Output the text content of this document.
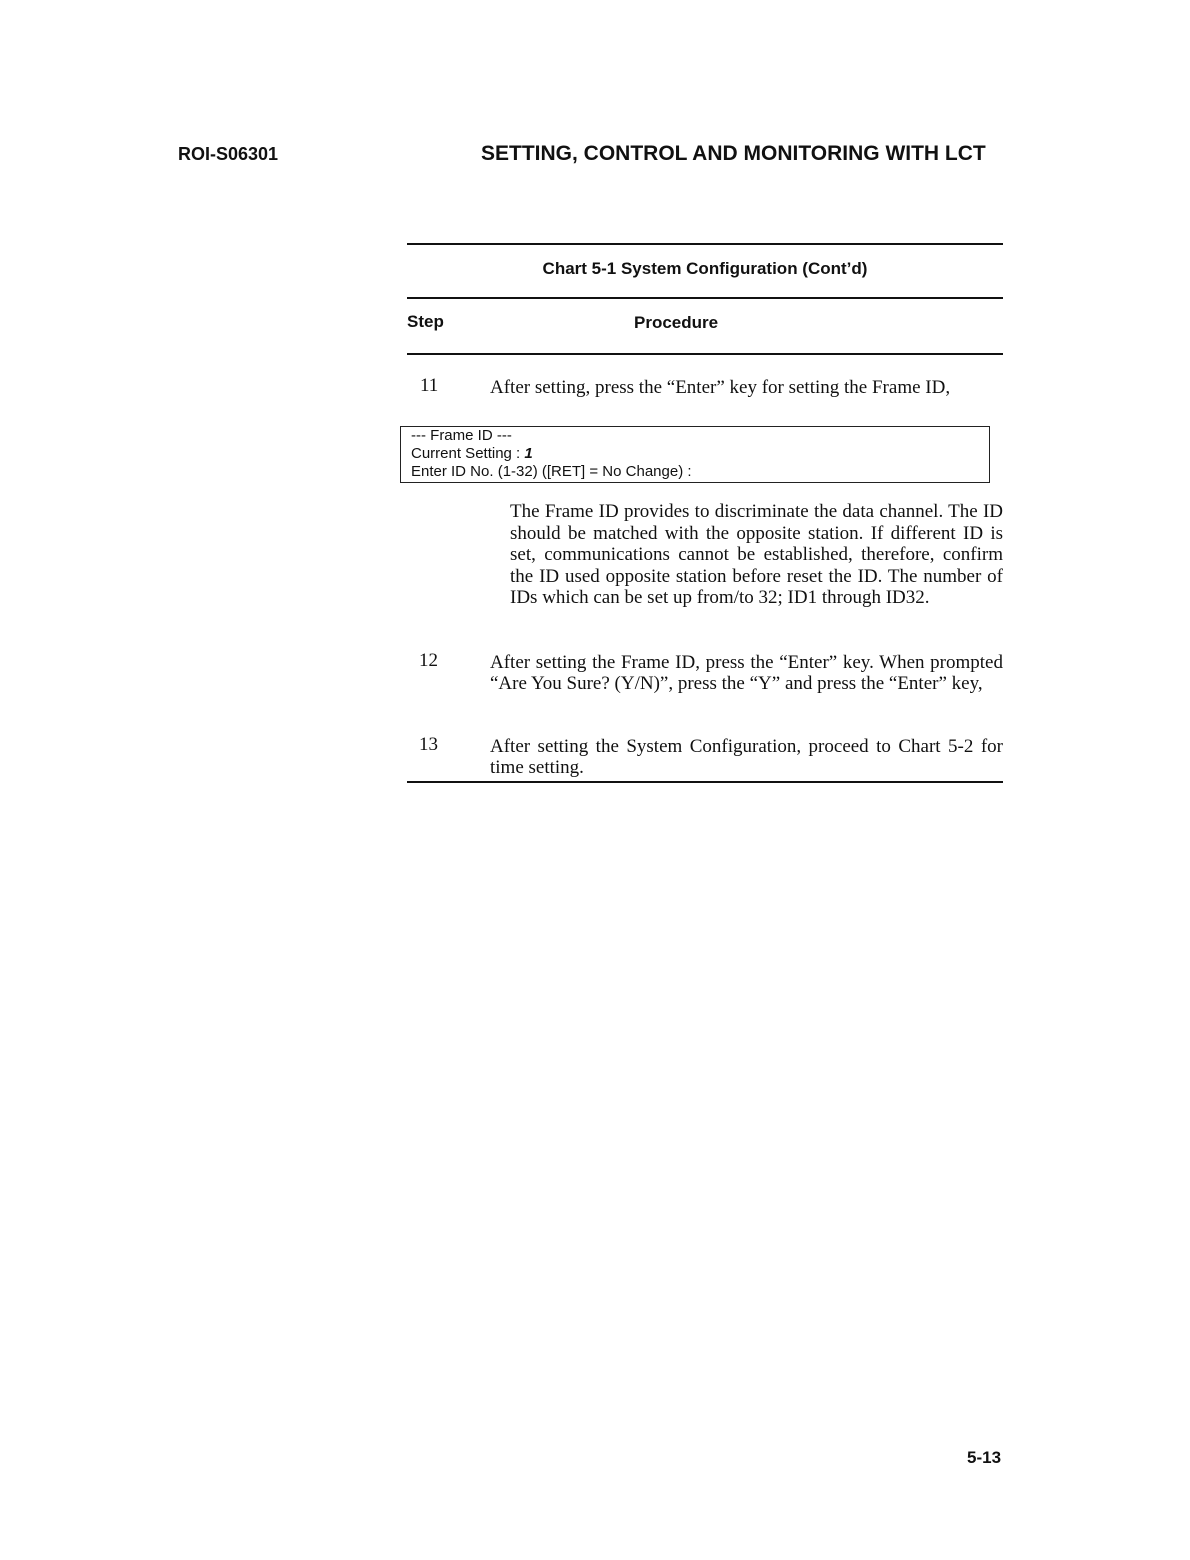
ROI-S06301	SETTING, CONTROL AND MONITORING WITH LCT
Chart 5-1 System Configuration (Cont’d)
Step	Procedure
11	After setting, press the “Enter” key for setting the Frame ID,
--- Frame ID ---
Current Setting : 1
Enter ID No. (1-32) ([RET] = No Change) :
The Frame ID provides to discriminate the data channel. The ID should be matched with the opposite station. If different ID is set, communications cannot be established, therefore, confirm the ID used opposite station before reset the ID. The number of IDs which can be set up from/to 32; ID1 through ID32.
12	After setting the Frame ID, press the “Enter” key. When prompted “Are You Sure? (Y/N)”, press the “Y” and press the “Enter” key,
13	After setting the System Configuration, proceed to Chart 5-2 for time setting.
5-13
